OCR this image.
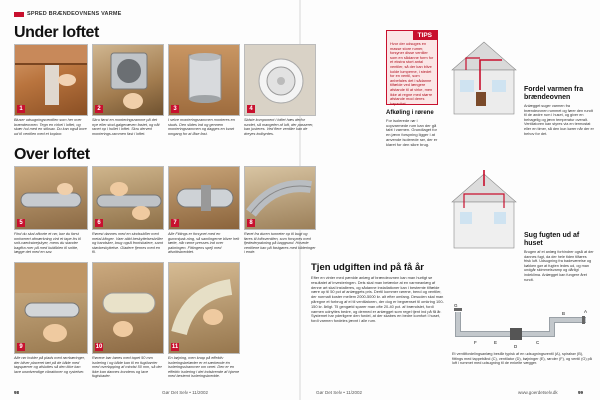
SPRED BRÆNDEOVNENS VARME
Under loftet
1	2	3	4
Bluser udsugningsventilen som her over brændeovnen. Tegn en cirkel i loftet, og skær hul med en stiksav. Du kan også bore ud til ventilen med et kopbor.
Skru først en monteringsramme på det nye eller stod-galgevæven fastet, og nåt ranet op i hullet i loftet. Skru derved monterings-rammen fast i loftet.
I selve monteringsrammen monteres en studs. Den slides ind og gennem monteringsrammen og dagges en kvart omgang for at låse fast.
Sidste komponent i loftet hæs derfor rundet, så mangelen af luft, der passerer, kan justeres. Ved flere ventiler kan de dreyes indbyrdes.
Over loftet
5	6	7	8
Find du skal afkorte et rør, bør du først omhørrert afmærkning vird et tape-frs til snit-vaerkstøejskyer, mens du stander bagifra roer på med kuldiblen til snitte, lægge det med en sav.
Rørest dannes med en sindsskiller med metal-klinger. Vaer altid beskyttelsesbriller og handsker, brug også frontskalere, samt støvbeskyttelse. Gladere fjernes med en fil.
Alle Fittings er forsynet med en gummipak-ning, så samlingerne bliver helt tætte, når rørne presses ind over pakningen. Fittingens spejl med afsnittsbreddet.
Røret fra duren tunneter op til bugt og føres til loftsventilen, som forsynes med fjedederpakning på baggrund. Hovede ventilene kan på fastgøres med kilderinger i ende.
9	10	11
Alle rør holder på plads med rørrbæringer, der bliver placeret tæt på de både med tagspærrer og afsluttes så den ikke kan lave unødvendige vibrationer og rystelser.
Rørene bør børes med tapet 50 mm isolering i og både kan til en fugtbarrier med overlapping af mindst 50 mm, så der ikke kan dannes kondens og lave fugtskader.
En bøjning, men knap på effektiv isoleringsbelæder er et særkende én isoleringsshammer om røret. Den er en effektiv isolering i det indskrende af hjørne med bestemt isoleringsbredde.
TIPS
Hvor der udsuges en masse store rumer, forsyner disse ventiler som en sådanne form for et ekstra stort antal ventiler, så der kan blive kolde lumperne, i stedet for en ventil, som anbefales det i sådanne tilfælde ved længere afstande til at virke, men ikke at regne med større afstande mod deres kapacitet.
Afkøling i rørene
For isolerede rør i uopvarmede rum kan der gå tabt i varmen. Grundlaget for en jævn forsyning ligger i at anvende isolerede rør, der er klaret for den sikre brug.
Tjen udgiften ind på få år
Efter en vinter med pænlde anlæg af brændeovnen kan man hurtigt se resultatet af investeringen. Dels skal man betænke at en varmeanlæg af denne art skal installeres, og sådanne installationer kan i bestemte tilfælde være op til 50 pct af anlæggets pris. Dertil kommer rørene, bend og ventiler, der normalt koster mellem 2000-5000 kr. alt efter omfang. Desuden skal man påregne et forbrug af el til ventilatoren, der dog er begrænset til omkring 100-150 kr. årligt. Til gengæld sparer man ofte 20-40 pct. af brændslet, fordi varmen udnyttes bedre, og dermed er anlægget som regel tjent ind på få år. Systemet har yderligere den fordel, at der skabes en bedre komfort i huset, fordi varmen fordeles jævnt i alle rum.
Fordel varmen fra brændeovnen
Anlægget suger varmen fra brændeovnen rummet og fører den rundt til de andre rum i huset, og giver en behagelig og jævn temperatur overalt. Ventilatoren kan styres via en termostat eller en timer, så den kun kører når der er behov for det.
Sug fugten ud af huset
Brugen af et anlæg forhindrer også at der dannes fugt, da der hele tiden tilføres frisk luft. Udsugning fra badeværelse og køkken gør at fugten ledes ud, og man undgår skimmelsvamp og dårligt indeklima. Anlægget kan fungere året rundt.
G
F	E
D
C
B	A
Et ventilfordelingsanlæg består typisk af en udsugningsventil (A), spiralrør (B), fittings med tappebånd (C), ventilator (D), bøjninger (E), røroler (F), og ventil (G) på loft i rummet med udsugning til de enkelte vægger.
98	Gør Det Selv • 11/2002	Gør Det Selv • 11/2002	www.goerdetselv.dk	99
